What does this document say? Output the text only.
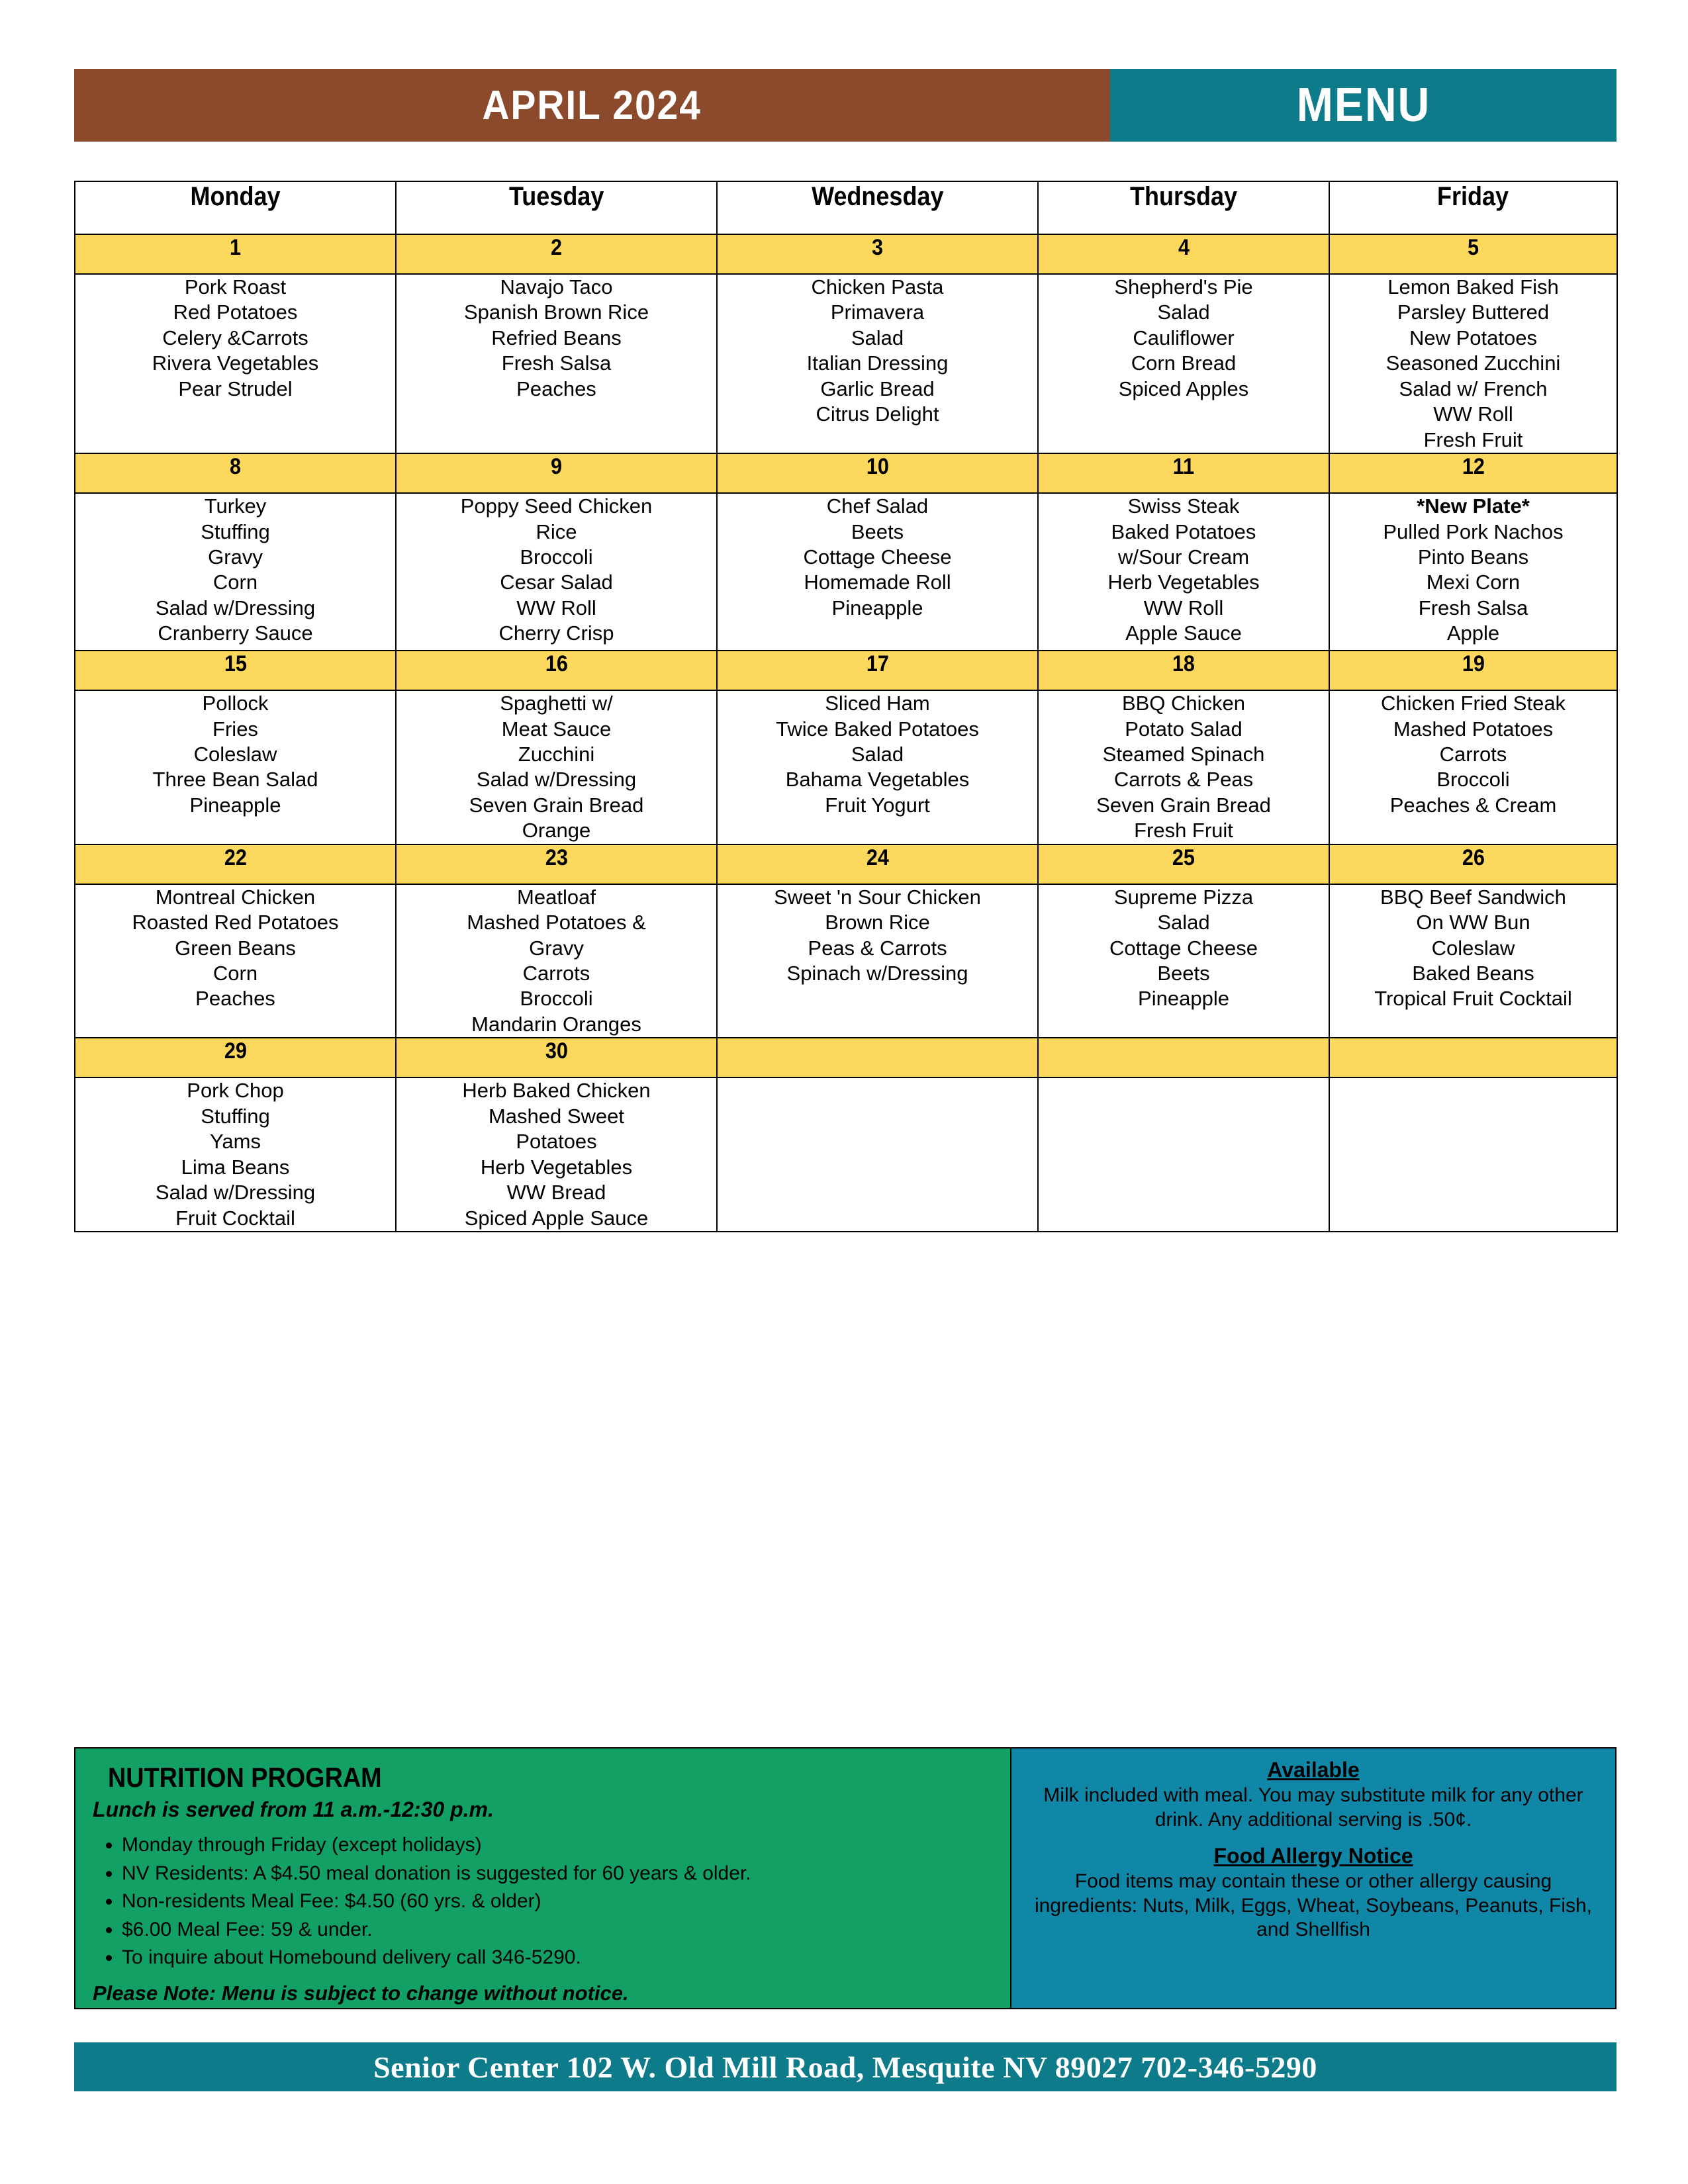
APRIL 2024	MENU
Monday	Tuesday	Wednesday	Thursday	Friday
1	2	3	4	5

Pork Roast
Red Potatoes
Celery &Carrots
Rivera Vegetables
Pear Strudel

Navajo Taco
Spanish Brown Rice
Refried Beans
Fresh Salsa
Peaches

Chicken Pasta
Primavera
Salad
Italian Dressing
Garlic Bread
Citrus Delight

Shepherd's Pie
Salad
Cauliflower
Corn Bread
Spiced Apples

Lemon Baked Fish
Parsley Buttered
New Potatoes
Seasoned Zucchini
Salad w/ French
WW Roll
Fresh Fruit

8	9	10	11	12

Turkey
Stuffing
Gravy
Corn
Salad w/Dressing
Cranberry Sauce

Poppy Seed Chicken
Rice
Broccoli
Cesar Salad
WW Roll
Cherry Crisp

Chef Salad
Beets
Cottage Cheese
Homemade Roll
Pineapple

Swiss Steak
Baked Potatoes
w/Sour Cream
Herb Vegetables
WW Roll
Apple Sauce

*New Plate*
Pulled Pork Nachos
Pinto Beans
Mexi Corn
Fresh Salsa
Apple

15	16	17	18	19

Pollock
Fries
Coleslaw
Three Bean Salad
Pineapple

Spaghetti w/
Meat Sauce
Zucchini
Salad w/Dressing
Seven Grain Bread
Orange

Sliced Ham
Twice Baked Potatoes
Salad
Bahama Vegetables
Fruit Yogurt

BBQ Chicken
Potato Salad
Steamed Spinach
Carrots & Peas
Seven Grain Bread
Fresh Fruit

Chicken Fried Steak
Mashed Potatoes
Carrots
Broccoli
Peaches & Cream

22	23	24	25	26

Montreal Chicken
Roasted Red Potatoes
Green Beans
Corn
Peaches

Meatloaf
Mashed Potatoes &
Gravy
Carrots
Broccoli
Mandarin Oranges

Sweet 'n Sour Chicken
Brown Rice
Peas & Carrots
Spinach w/Dressing

Supreme Pizza
Salad
Cottage Cheese
Beets
Pineapple

BBQ Beef Sandwich
On WW Bun
Coleslaw
Baked Beans
Tropical Fruit Cocktail

29	30			

Pork Chop
Stuffing
Yams
Lima Beans
Salad w/Dressing
Fruit Cocktail

Herb Baked Chicken
Mashed Sweet
Potatoes
Herb Vegetables
WW Bread
Spiced Apple Sauce

NUTRITION PROGRAM
Lunch is served from 11 a.m.-12:30 p.m.
• Monday through Friday (except holidays)
• NV Residents: A $4.50 meal donation is suggested for 60 years & older.
• Non-residents Meal Fee: $4.50 (60 yrs. & older)
• $6.00 Meal Fee: 59 & under.
• To inquire about Homebound delivery call 346-5290.
Please Note: Menu is subject to change without notice.
Available
Milk included with meal. You may substitute milk for any other drink. Any additional serving is .50¢.
Food Allergy Notice
Food items may contain these or other allergy causing ingredients: Nuts, Milk, Eggs, Wheat, Soybeans, Peanuts, Fish, and Shellfish
Senior Center 102 W. Old Mill Road, Mesquite NV 89027 702-346-5290
